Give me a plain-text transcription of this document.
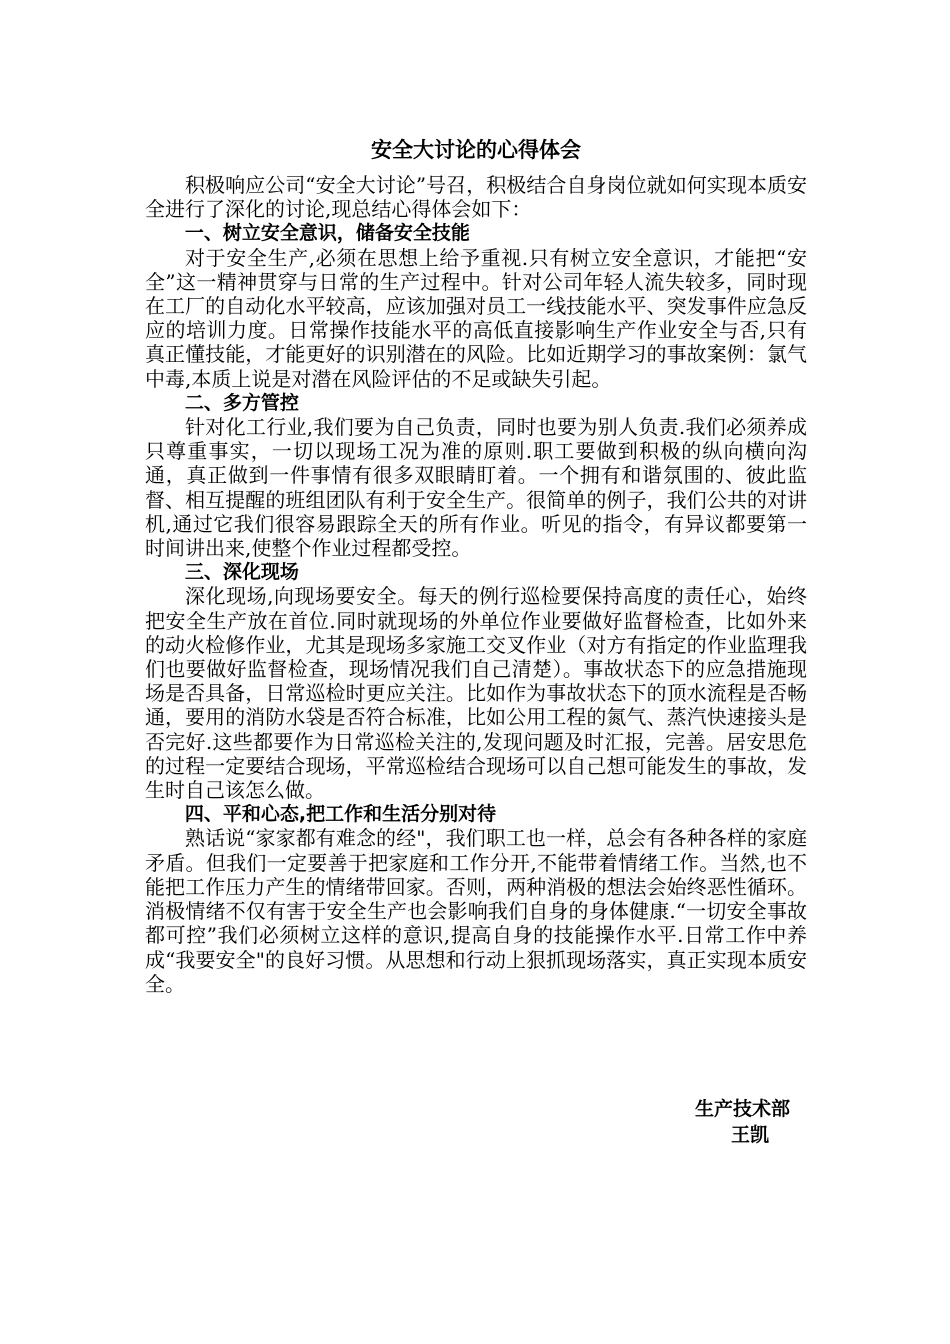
安全大讨论的心得体会

积极响应公司“安全大讨论”号召，积极结合自身岗位就如何实现本质安全进行了深化的讨论,现总结心得体会如下：

一、树立安全意识，储备安全技能

对于安全生产,必须在思想上给予重视.只有树立安全意识，才能把“安全”这一精神贯穿与日常的生产过程中。针对公司年轻人流失较多，同时现在工厂的自动化水平较高，应该加强对员工一线技能水平、突发事件应急反应的培训力度。日常操作技能水平的高低直接影响生产作业安全与否,只有真正懂技能，才能更好的识别潜在的风险。比如近期学习的事故案例：氯气中毒,本质上说是对潜在风险评估的不足或缺失引起。

二、多方管控

针对化工行业,我们要为自己负责，同时也要为别人负责.我们必须养成只尊重事实，一切以现场工况为准的原则.职工要做到积极的纵向横向沟通，真正做到一件事情有很多双眼睛盯着。一个拥有和谐氛围的、彼此监督、相互提醒的班组团队有利于安全生产。很简单的例子，我们公共的对讲机,通过它我们很容易跟踪全天的所有作业。听见的指令，有异议都要第一时间讲出来,使整个作业过程都受控。

三、深化现场

深化现场,向现场要安全。每天的例行巡检要保持高度的责任心，始终把安全生产放在首位.同时就现场的外单位作业要做好监督检查，比如外来的动火检修作业，尤其是现场多家施工交叉作业（对方有指定的作业监理我们也要做好监督检查，现场情况我们自己清楚）。事故状态下的应急措施现场是否具备，日常巡检时更应关注。比如作为事故状态下的顶水流程是否畅通，要用的消防水袋是否符合标准，比如公用工程的氮气、蒸汽快速接头是否完好.这些都要作为日常巡检关注的,发现问题及时汇报，完善。居安思危的过程一定要结合现场，平常巡检结合现场可以自己想可能发生的事故，发生时自己该怎么做。

四、平和心态,把工作和生活分别对待

熟话说“家家都有难念的经"，我们职工也一样，总会有各种各样的家庭矛盾。但我们一定要善于把家庭和工作分开,不能带着情绪工作。当然,也不能把工作压力产生的情绪带回家。否则，两种消极的想法会始终恶性循环。消极情绪不仅有害于安全生产也会影响我们自身的身体健康.“一切安全事故都可控”我们必须树立这样的意识,提高自身的技能操作水平.日常工作中养成“我要安全"的良好习惯。从思想和行动上狠抓现场落实，真正实现本质安全。

生产技术部
王凯
